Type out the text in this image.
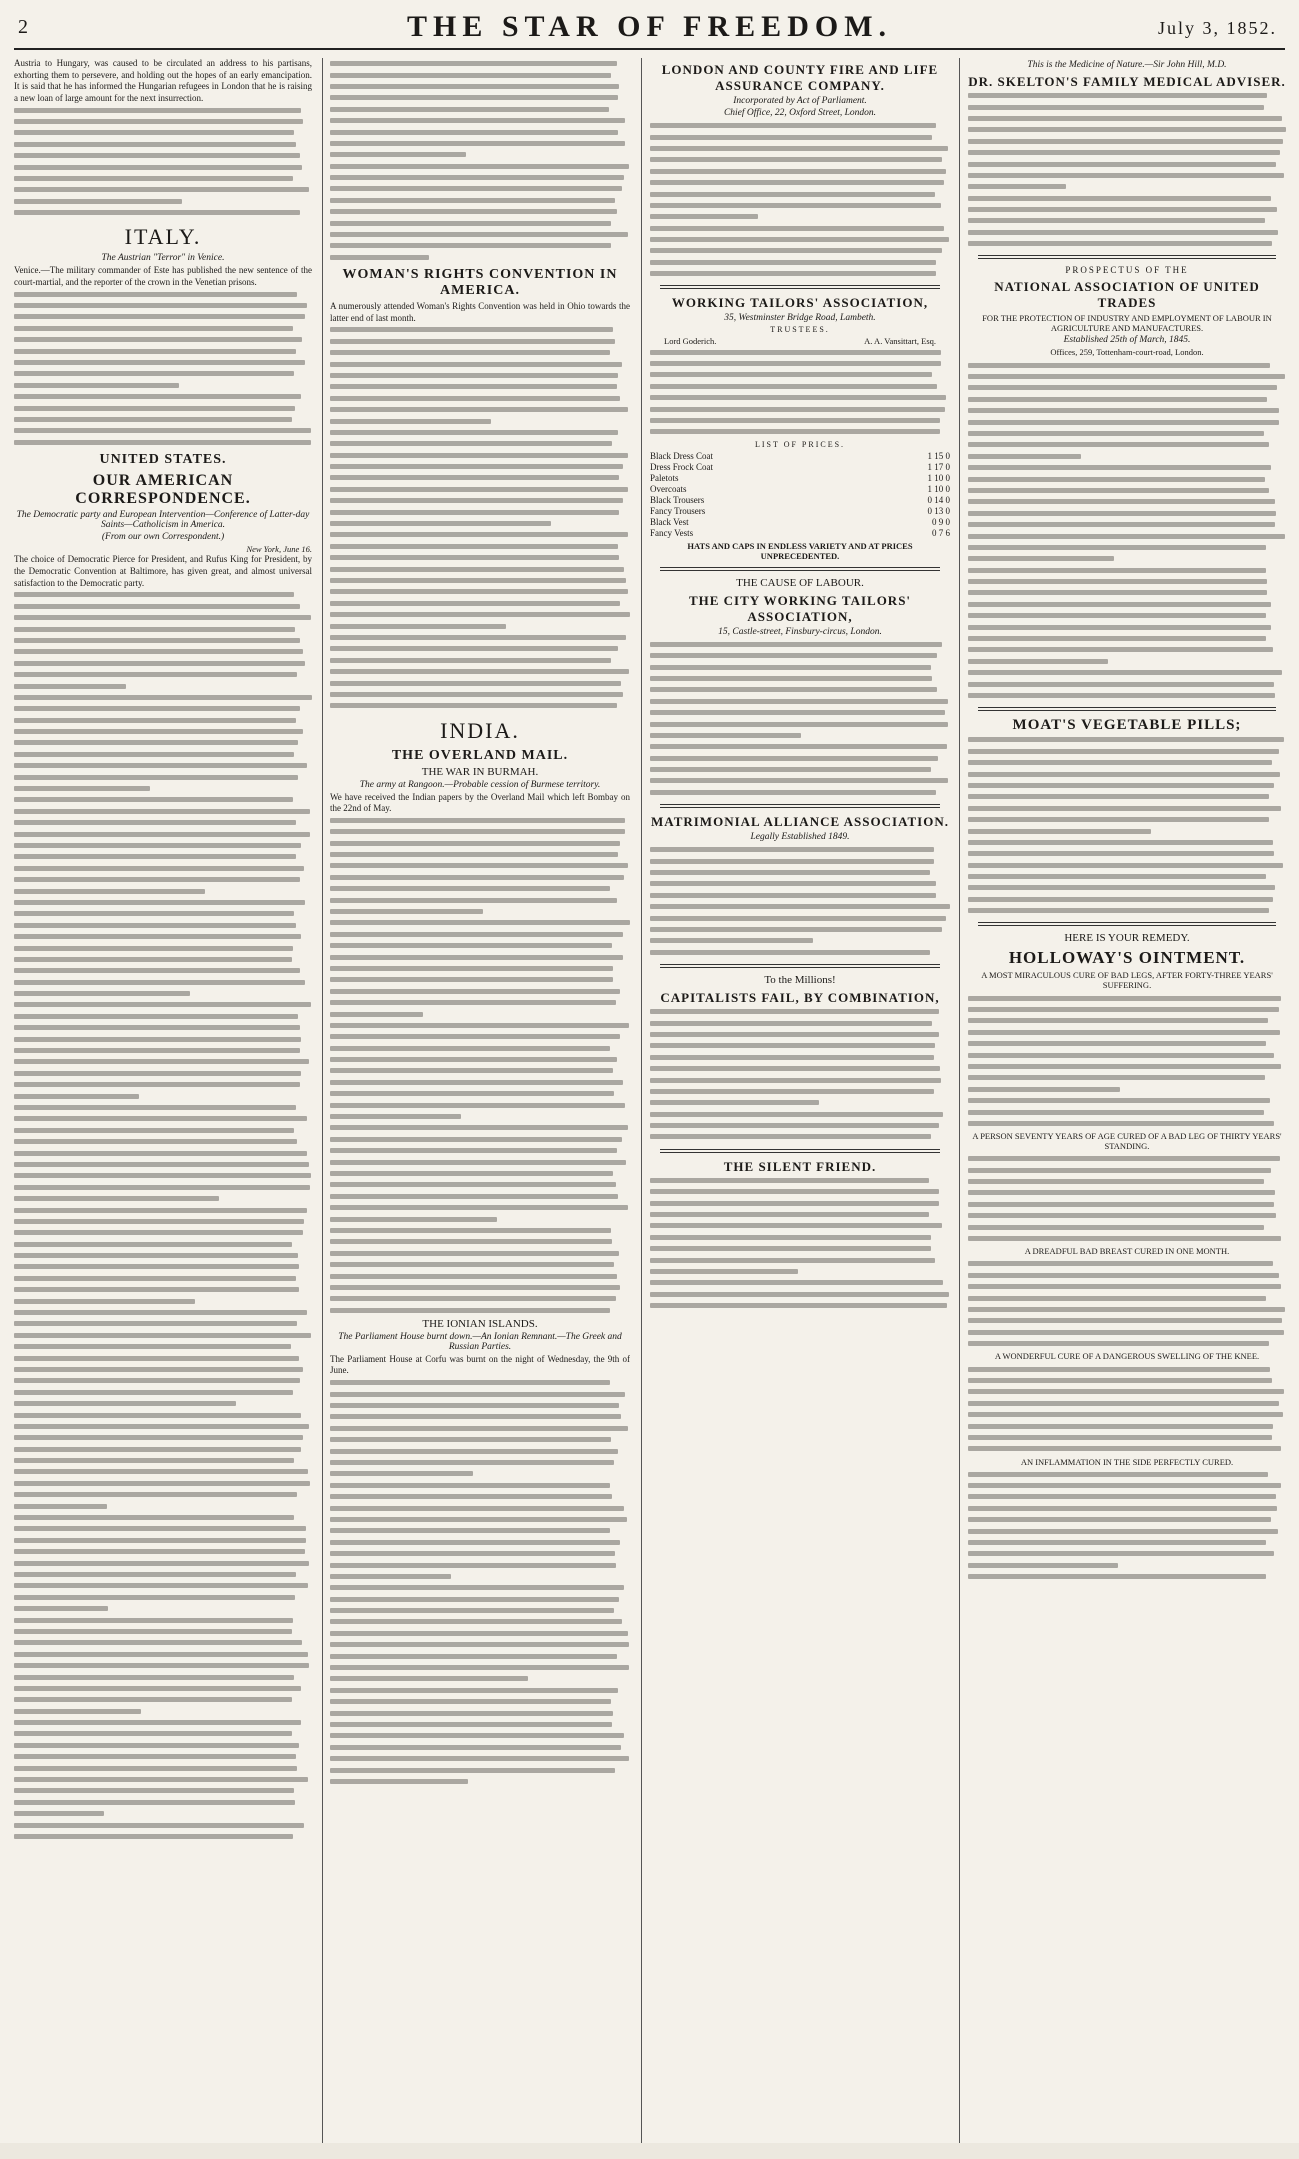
2	THE STAR OF FREEDOM.	July 3, 1852.

Austria to Hungary, was caused to be circulated an address to his partisans, exhorting them to persevere, and holding out the hopes of an early emancipation. It is said that he has informed the Hungarian refugees in London that he is raising a new loan of large amount for the next insurrection.

ITALY.
The Austrian "Terror" in Venice.

Venice.—The military commander of Este has published the new sentence of the court-martial, and the reporter of the crown in the Venetian prisons.

UNITED STATES.
OUR AMERICAN CORRESPONDENCE.
The Democratic party and European Intervention—Conference of Latter-day Saints—Catholicism in America.
(From our own Correspondent.)
New York, June 16.

The choice of Democratic Pierce for President, and Rufus King for President, by the Democratic Convention at Baltimore, has given great, and almost universal satisfaction to the Democratic party.

WOMAN'S RIGHTS CONVENTION IN AMERICA.

A numerously attended Woman's Rights Convention was held in Ohio towards the latter end of last month.

INDIA.
THE OVERLAND MAIL.
THE WAR IN BURMAH.
The army at Rangoon.—Probable cession of Burmese territory.

We have received the Indian papers by the Overland Mail which left Bombay on the 22nd of May.

THE IONIAN ISLANDS.
The Parliament House burnt down.—An Ionian Remnant.—The Greek and Russian Parties.

The Parliament House at Corfu was burnt on the night of Wednesday, the 9th of June.

LONDON AND COUNTY FIRE AND LIFE ASSURANCE COMPANY.
Incorporated by Act of Parliament.
Chief Office, 22, Oxford Street, London.
WORKING TAILORS' ASSOCIATION,
35, Westminster Bridge Road, Lambeth.
TRUSTEES.
Lord Goderich.	A. A. Vansittart, Esq.
LIST OF PRICES.
Black Dress Coat	1 15 0
Dress Frock Coat	1 17 0
Paletots	1 10 0
Overcoats	1 10 0
Black Trousers	0 14 0
Fancy Trousers	0 13 0
Black Vest	0 9 0
Fancy Vests	0 7 6
HATS AND CAPS IN ENDLESS VARIETY AND AT PRICES UNPRECEDENTED.
THE CAUSE OF LABOUR.
THE CITY WORKING TAILORS' ASSOCIATION,
15, Castle-street, Finsbury-circus, London.
MATRIMONIAL ALLIANCE ASSOCIATION.
Legally Established 1849.
To the Millions!
CAPITALISTS FAIL, BY COMBINATION,
THE SILENT FRIEND.
This is the Medicine of Nature.—Sir John Hill, M.D.
DR. SKELTON'S FAMILY MEDICAL ADVISER.
PROSPECTUS OF THE
NATIONAL ASSOCIATION OF UNITED TRADES
FOR THE PROTECTION OF INDUSTRY AND EMPLOYMENT OF LABOUR IN AGRICULTURE AND MANUFACTURES.
Established 25th of March, 1845.
Offices, 259, Tottenham-court-road, London.
MOAT'S VEGETABLE PILLS;
HERE IS YOUR REMEDY.
HOLLOWAY'S OINTMENT.
A MOST MIRACULOUS CURE OF BAD LEGS, AFTER FORTY-THREE YEARS' SUFFERING.
A PERSON SEVENTY YEARS OF AGE CURED OF A BAD LEG OF THIRTY YEARS' STANDING.
A DREADFUL BAD BREAST CURED IN ONE MONTH.
A WONDERFUL CURE OF A DANGEROUS SWELLING OF THE KNEE.
AN INFLAMMATION IN THE SIDE PERFECTLY CURED.
